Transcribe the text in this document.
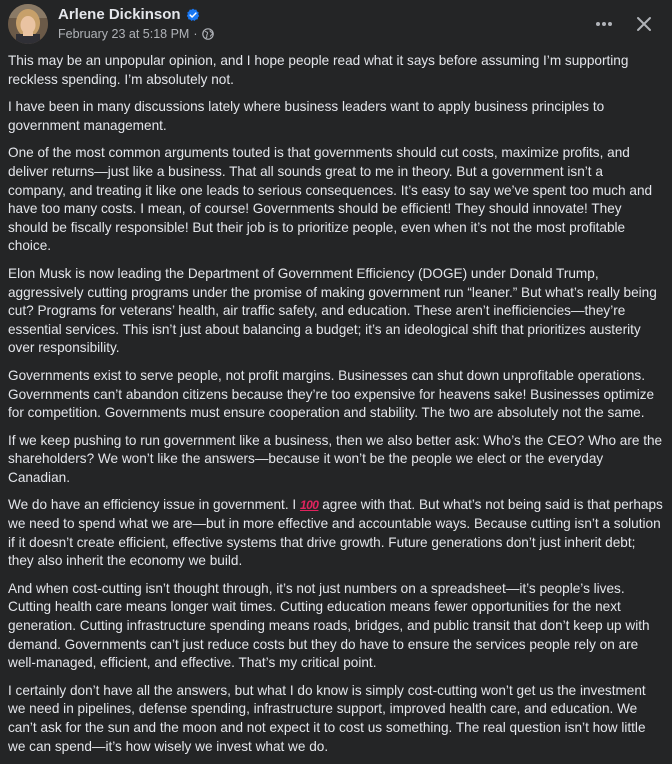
Arlene Dickinson
February 23 at 5:18 PM ·

This may be an unpopular opinion, and I hope people read what it says before assuming I’m supporting reckless spending. I’m absolutely not.

I have been in many discussions lately where business leaders want to apply business principles to government management.

One of the most common arguments touted is that governments should cut costs, maximize profits, and deliver returns—just like a business. That all sounds great to me in theory. But a government isn’t a company, and treating it like one leads to serious consequences. It’s easy to say we’ve spent too much and have too many costs. I mean, of course! Governments should be efficient! They should innovate! They should be fiscally responsible! But their job is to prioritize people, even when it’s not the most profitable choice.

Elon Musk is now leading the Department of Government Efficiency (DOGE) under Donald Trump, aggressively cutting programs under the promise of making government run “leaner.” But what’s really being cut? Programs for veterans’ health, air traffic safety, and education. These aren’t inefficiencies—they’re essential services. This isn’t just about balancing a budget; it’s an ideological shift that prioritizes austerity over responsibility.

Governments exist to serve people, not profit margins. Businesses can shut down unprofitable operations. Governments can’t abandon citizens because they’re too expensive for heavens sake! Businesses optimize for competition. Governments must ensure cooperation and stability. The two are absolutely not the same.

If we keep pushing to run government like a business, then we also better ask: Who’s the CEO? Who are the shareholders? We won’t like the answers—because it won’t be the people we elect or the everyday Canadian.

We do have an efficiency issue in government. I 100 agree with that. But what’s not being said is that perhaps we need to spend what we are—but in more effective and accountable ways. Because cutting isn’t a solution if it doesn’t create efficient, effective systems that drive growth. Future generations don’t just inherit debt; they also inherit the economy we build.

And when cost-cutting isn’t thought through, it’s not just numbers on a spreadsheet—it’s people’s lives. Cutting health care means longer wait times. Cutting education means fewer opportunities for the next generation. Cutting infrastructure spending means roads, bridges, and public transit that don’t keep up with demand. Governments can’t just reduce costs but they do have to ensure the services people rely on are well-managed, efficient, and effective. That’s my critical point.

I certainly don’t have all the answers, but what I do know is simply cost-cutting won’t get us the investment we need in pipelines, defense spending, infrastructure support, improved health care, and education. We can’t ask for the sun and the moon and not expect it to cost us something. The real question isn’t how little we can spend—it’s how wisely we invest what we do.
